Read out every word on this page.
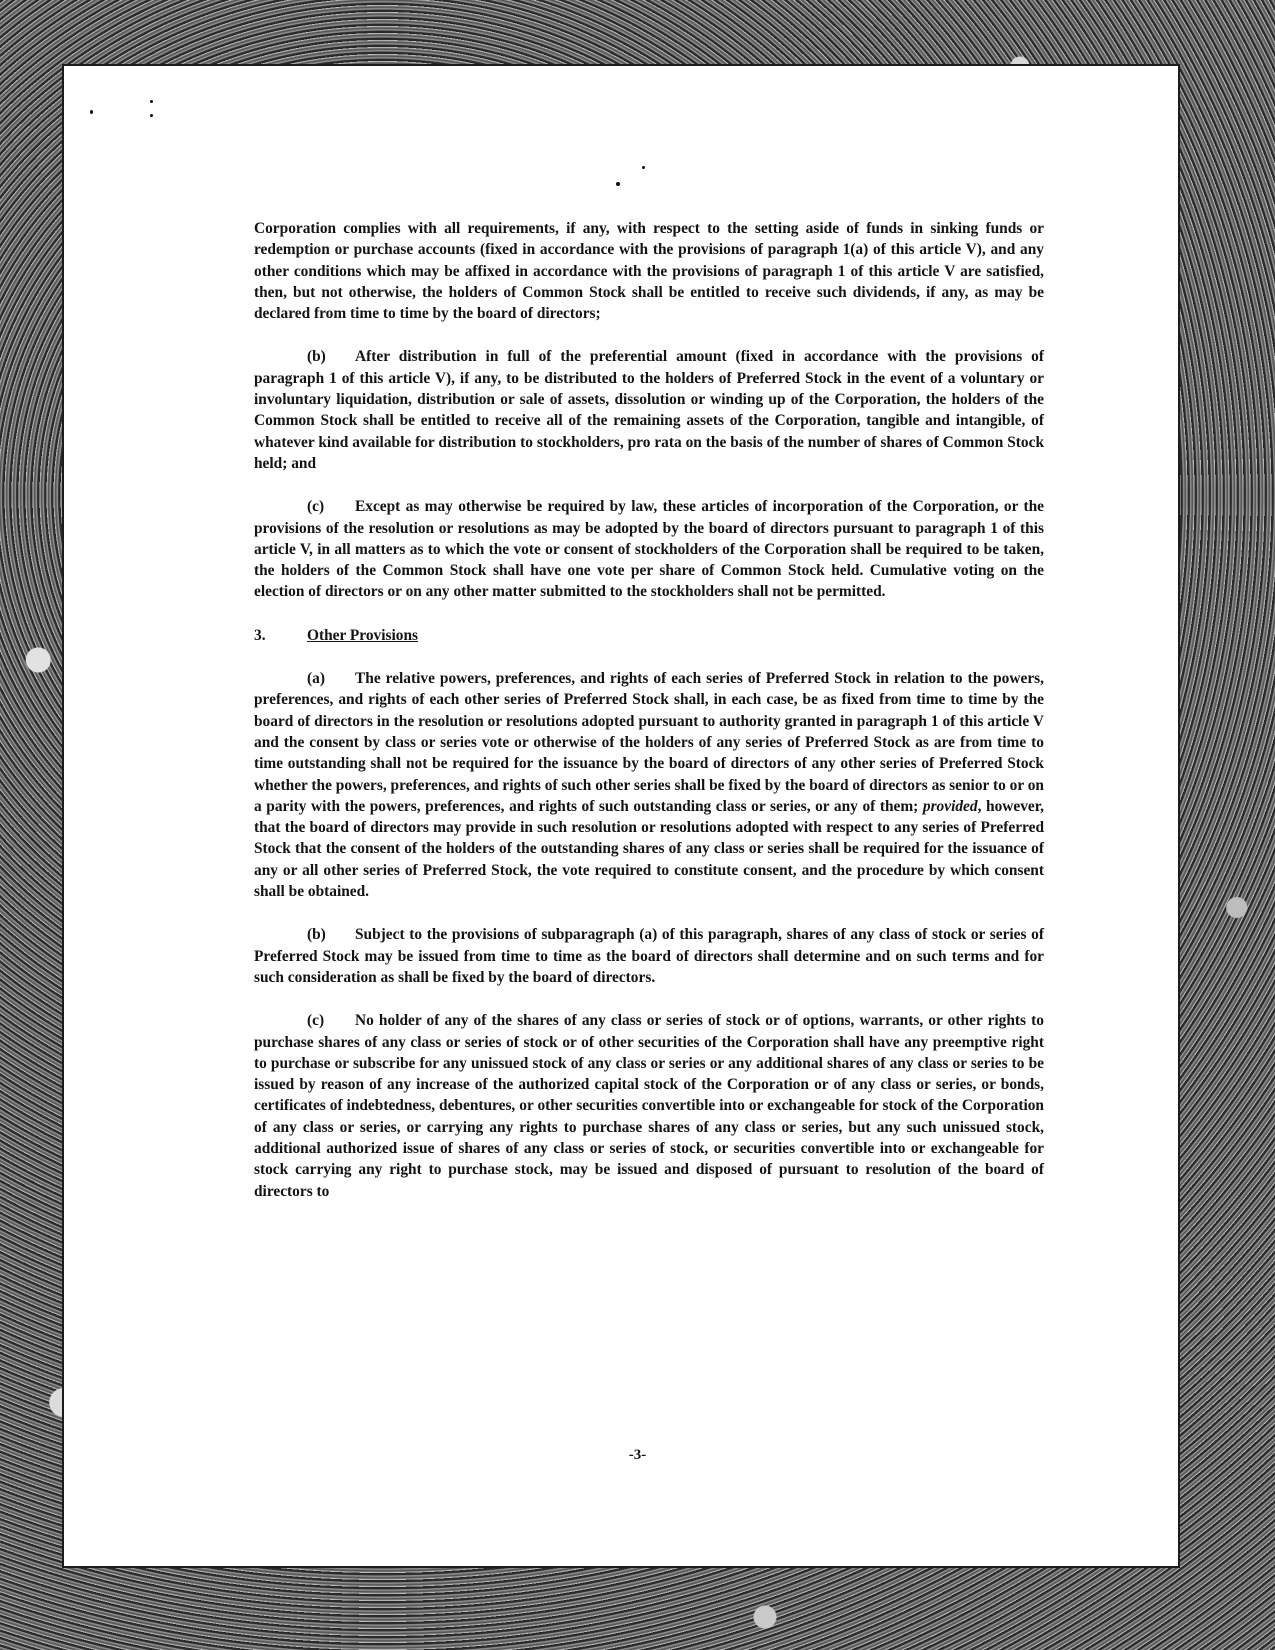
Corporation complies with all requirements, if any, with respect to the setting aside of funds in sinking funds or redemption or purchase accounts (fixed in accordance with the provisions of paragraph 1(a) of this article V), and any other conditions which may be affixed in accordance with the provisions of paragraph 1 of this article V are satisfied, then, but not otherwise, the holders of Common Stock shall be entitled to receive such dividends, if any, as may be declared from time to time by the board of directors;

(b) After distribution in full of the preferential amount (fixed in accordance with the provisions of paragraph 1 of this article V), if any, to be distributed to the holders of Preferred Stock in the event of a voluntary or involuntary liquidation, distribution or sale of assets, dissolution or winding up of the Corporation, the holders of the Common Stock shall be entitled to receive all of the remaining assets of the Corporation, tangible and intangible, of whatever kind available for distribution to stockholders, pro rata on the basis of the number of shares of Common Stock held; and

(c) Except as may otherwise be required by law, these articles of incorporation of the Corporation, or the provisions of the resolution or resolutions as may be adopted by the board of directors pursuant to paragraph 1 of this article V, in all matters as to which the vote or consent of stockholders of the Corporation shall be required to be taken, the holders of the Common Stock shall have one vote per share of Common Stock held. Cumulative voting on the election of directors or on any other matter submitted to the stockholders shall not be permitted.

3.	Other Provisions

(a) The relative powers, preferences, and rights of each series of Preferred Stock in relation to the powers, preferences, and rights of each other series of Preferred Stock shall, in each case, be as fixed from time to time by the board of directors in the resolution or resolutions adopted pursuant to authority granted in paragraph 1 of this article V and the consent by class or series vote or otherwise of the holders of any series of Preferred Stock as are from time to time outstanding shall not be required for the issuance by the board of directors of any other series of Preferred Stock whether the powers, preferences, and rights of such other series shall be fixed by the board of directors as senior to or on a parity with the powers, preferences, and rights of such outstanding class or series, or any of them; provided, however, that the board of directors may provide in such resolution or resolutions adopted with respect to any series of Preferred Stock that the consent of the holders of the outstanding shares of any class or series shall be required for the issuance of any or all other series of Preferred Stock, the vote required to constitute consent, and the procedure by which consent shall be obtained.

(b) Subject to the provisions of subparagraph (a) of this paragraph, shares of any class of stock or series of Preferred Stock may be issued from time to time as the board of directors shall determine and on such terms and for such consideration as shall be fixed by the board of directors.

(c) No holder of any of the shares of any class or series of stock or of options, warrants, or other rights to purchase shares of any class or series of stock or of other securities of the Corporation shall have any preemptive right to purchase or subscribe for any unissued stock of any class or series or any additional shares of any class or series to be issued by reason of any increase of the authorized capital stock of the Corporation or of any class or series, or bonds, certificates of indebtedness, debentures, or other securities convertible into or exchangeable for stock of the Corporation of any class or series, or carrying any rights to purchase shares of any class or series, but any such unissued stock, additional authorized issue of shares of any class or series of stock, or securities convertible into or exchangeable for stock carrying any right to purchase stock, may be issued and disposed of pursuant to resolution of the board of directors to

-3-
